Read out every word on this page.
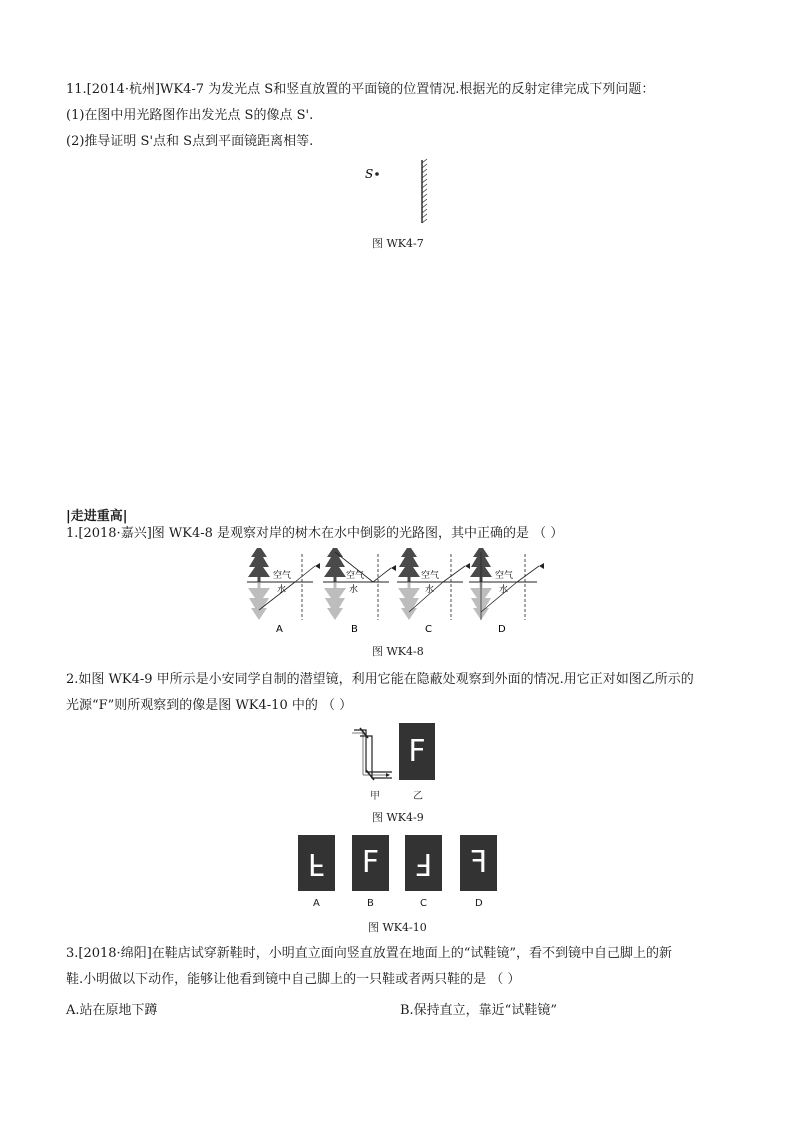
11.[2014·杭州]WK4-7 为发光点 S和竖直放置的平面镜的位置情况.根据光的反射定律完成下列问题：
(1)在图中用光路图作出发光点 S的像点 S'.
(2)推导证明 S'点和 S点到平面镜距离相等.
S
图 WK4-7
|走进重高|
1.[2018·嘉兴]图 WK4-8 是观察对岸的树木在水中倒影的光路图，其中正确的是 （ ）
空气
水
A
空气
水
B
空气
水
C
空气
水
D
图 WK4-8
2.如图 WK4-9 甲所示是小安同学自制的潜望镜，利用它能在隐蔽处观察到外面的情况.用它正对如图乙所示的
光源“F”则所观察到的像是图 WK4-10 中的 （ ）
F
甲	乙
图 WK4-9
F F F F
A	B	C	D
图 WK4-10
3.[2018·绵阳]在鞋店试穿新鞋时，小明直立面向竖直放置在地面上的“试鞋镜”，看不到镜中自己脚上的新
鞋.小明做以下动作，能够让他看到镜中自己脚上的一只鞋或者两只鞋的是 （ ）
A.站在原地下蹲	B.保持直立，靠近“试鞋镜”
